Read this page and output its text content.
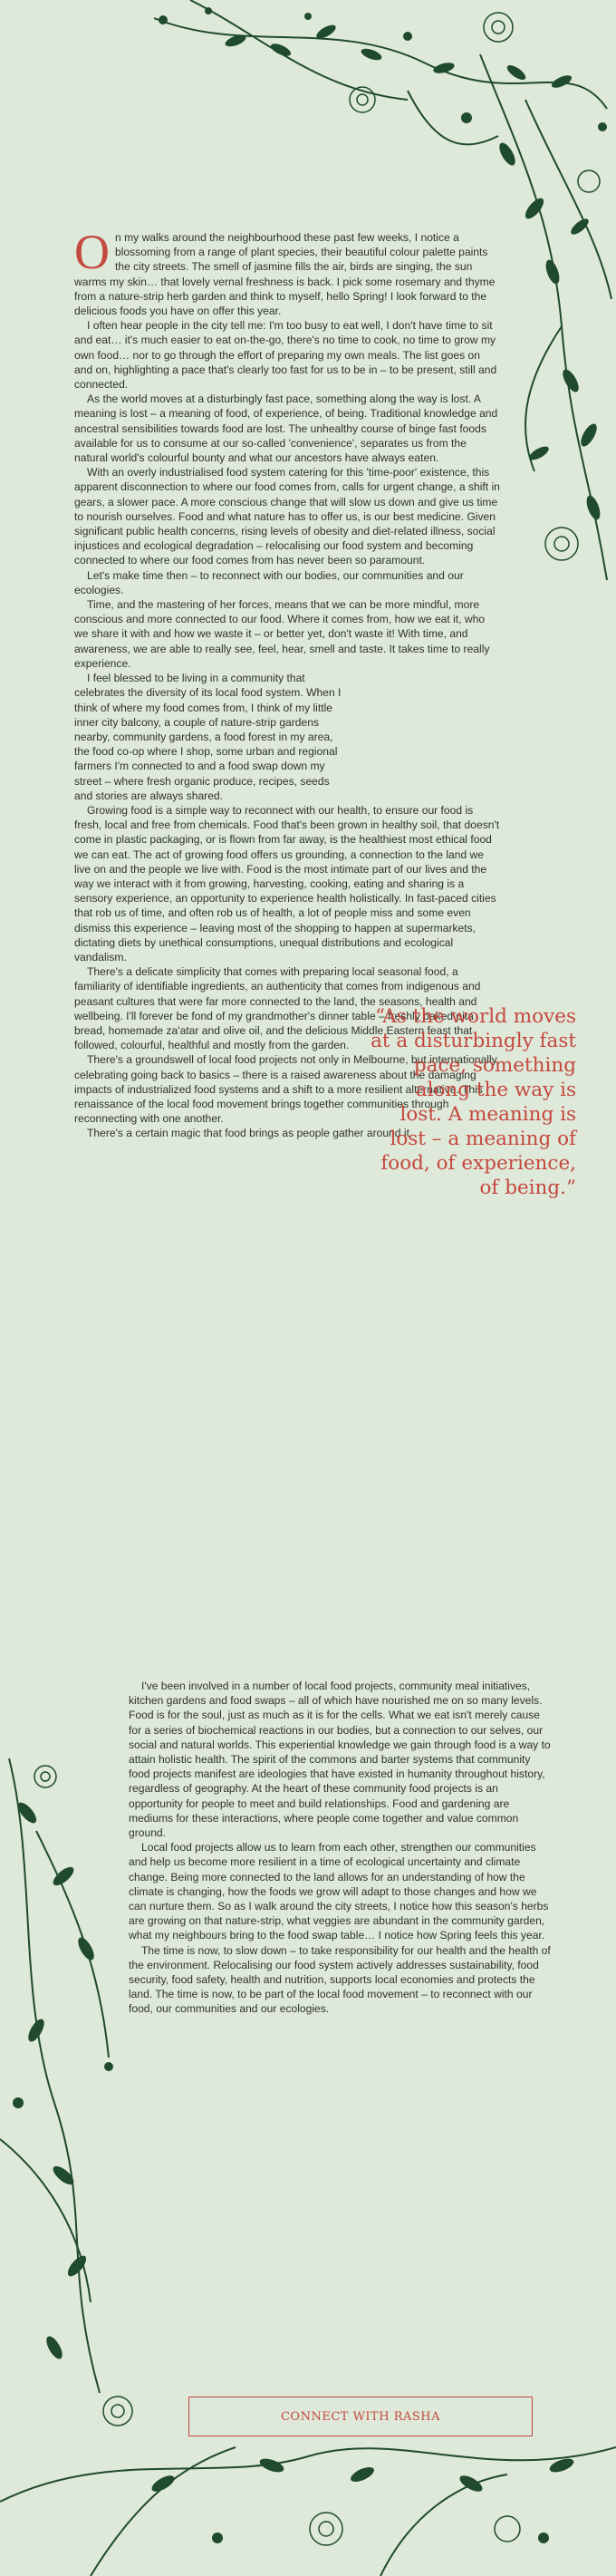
On my walks around the neighbourhood these past few weeks, I notice a blossoming from a range of plant species, their beautiful colour palette paints the city streets. The smell of jasmine fills the air, birds are singing, the sun warms my skin… that lovely vernal freshness is back. I pick some rosemary and thyme from a nature-strip herb garden and think to myself, hello Spring! I look forward to the delicious foods you have on offer this year.

I often hear people in the city tell me: I'm too busy to eat well, I don't have time to sit and eat… it's much easier to eat on-the-go, there's no time to cook, no time to grow my own food… nor to go through the effort of preparing my own meals. The list goes on and on, highlighting a pace that's clearly too fast for us to be in – to be present, still and connected.

As the world moves at a disturbingly fast pace, something along the way is lost. A meaning is lost – a meaning of food, of experience, of being. Traditional knowledge and ancestral sensibilities towards food are lost. The unhealthy course of binge fast foods available for us to consume at our so-called 'convenience', separates us from the natural world's colourful bounty and what our ancestors have always eaten.

With an overly industrialised food system catering for this 'time-poor' existence, this apparent disconnection to where our food comes from, calls for urgent change, a shift in gears, a slower pace. A more conscious change that will slow us down and give us time to nourish ourselves. Food and what nature has to offer us, is our best medicine. Given significant public health concerns, rising levels of obesity and diet-related illness, social injustices and ecological degradation – relocalising our food system and becoming connected to where our food comes from has never been so paramount.

Let's make time then – to reconnect with our bodies, our communities and our ecologies.

Time, and the mastering of her forces, means that we can be more mindful, more conscious and more connected to our food. Where it comes from, how we eat it, who we share it with and how we waste it – or better yet, don't waste it! With time, and awareness, we are able to really see, feel, hear, smell and taste. It takes time to really experience.

I feel blessed to be living in a community that celebrates the diversity of its local food system. When I think of where my food comes from, I think of my little inner city balcony, a couple of nature-strip gardens nearby, community gardens, a food forest in my area, the food co-op where I shop, some urban and regional farmers I'm connected to and a food swap down my street – where fresh organic produce, recipes, seeds and stories are always shared.

Growing food is a simple way to reconnect with our health, to ensure our food is fresh, local and free from chemicals. Food that's been grown in healthy soil, that doesn't come in plastic packaging, or is flown from far away, is the healthiest most ethical food we can eat. The act of growing food offers us grounding, a connection to the land we live on and the people we live with. Food is the most intimate part of our lives and the way we interact with it from growing, harvesting, cooking, eating and sharing is a sensory experience, an opportunity to experience health holistically. In fast-paced cities that rob us of time, and often rob us of health, a lot of people miss and some even dismiss this experience – leaving most of the shopping to happen at supermarkets, dictating diets by unethical consumptions, unequal distributions and ecological vandalism.

There's a delicate simplicity that comes with preparing local seasonal food, a familiarity of identifiable ingredients, an authenticity that comes from indigenous and peasant cultures that were far more connected to the land, the seasons, health and wellbeing. I'll forever be fond of my grandmother's dinner table – freshly baked pita bread, homemade za'atar and olive oil, and the delicious Middle Eastern feast that followed, colourful, healthful and mostly from the garden.

There's a groundswell of local food projects not only in Melbourne, but internationally, celebrating going back to basics – there is a raised awareness about the damaging impacts of industrialized food systems and a shift to a more resilient alternative. This renaissance of the local food movement brings together communities through reconnecting with one another.

There's a certain magic that food brings as people gather around it.

“As the world moves at a disturbingly fast pace, something along the way is lost. A meaning is lost – a meaning of food, of experience, of being.”

I've been involved in a number of local food projects, community meal initiatives, kitchen gardens and food swaps – all of which have nourished me on so many levels. Food is for the soul, just as much as it is for the cells. What we eat isn't merely cause for a series of biochemical reactions in our bodies, but a connection to our selves, our social and natural worlds. This experiential knowledge we gain through food is a way to attain holistic health. The spirit of the commons and barter systems that community food projects manifest are ideologies that have existed in humanity throughout history, regardless of geography. At the heart of these community food projects is an opportunity for people to meet and build relationships. Food and gardening are mediums for these interactions, where people come together and value common ground.

Local food projects allow us to learn from each other, strengthen our communities and help us become more resilient in a time of ecological uncertainty and climate change. Being more connected to the land allows for an understanding of how the climate is changing, how the foods we grow will adapt to those changes and how we can nurture them. So as I walk around the city streets, I notice how this season's herbs are growing on that nature-strip, what veggies are abundant in the community garden, what my neighbours bring to the food swap table… I notice how Spring feels this year.

The time is now, to slow down – to take responsibility for our health and the health of the environment. Relocalising our food system actively addresses sustainability, food security, food safety, health and nutrition, supports local economies and protects the land. The time is now, to be part of the local food movement – to reconnect with our food, our communities and our ecologies.

CONNECT WITH RASHA
